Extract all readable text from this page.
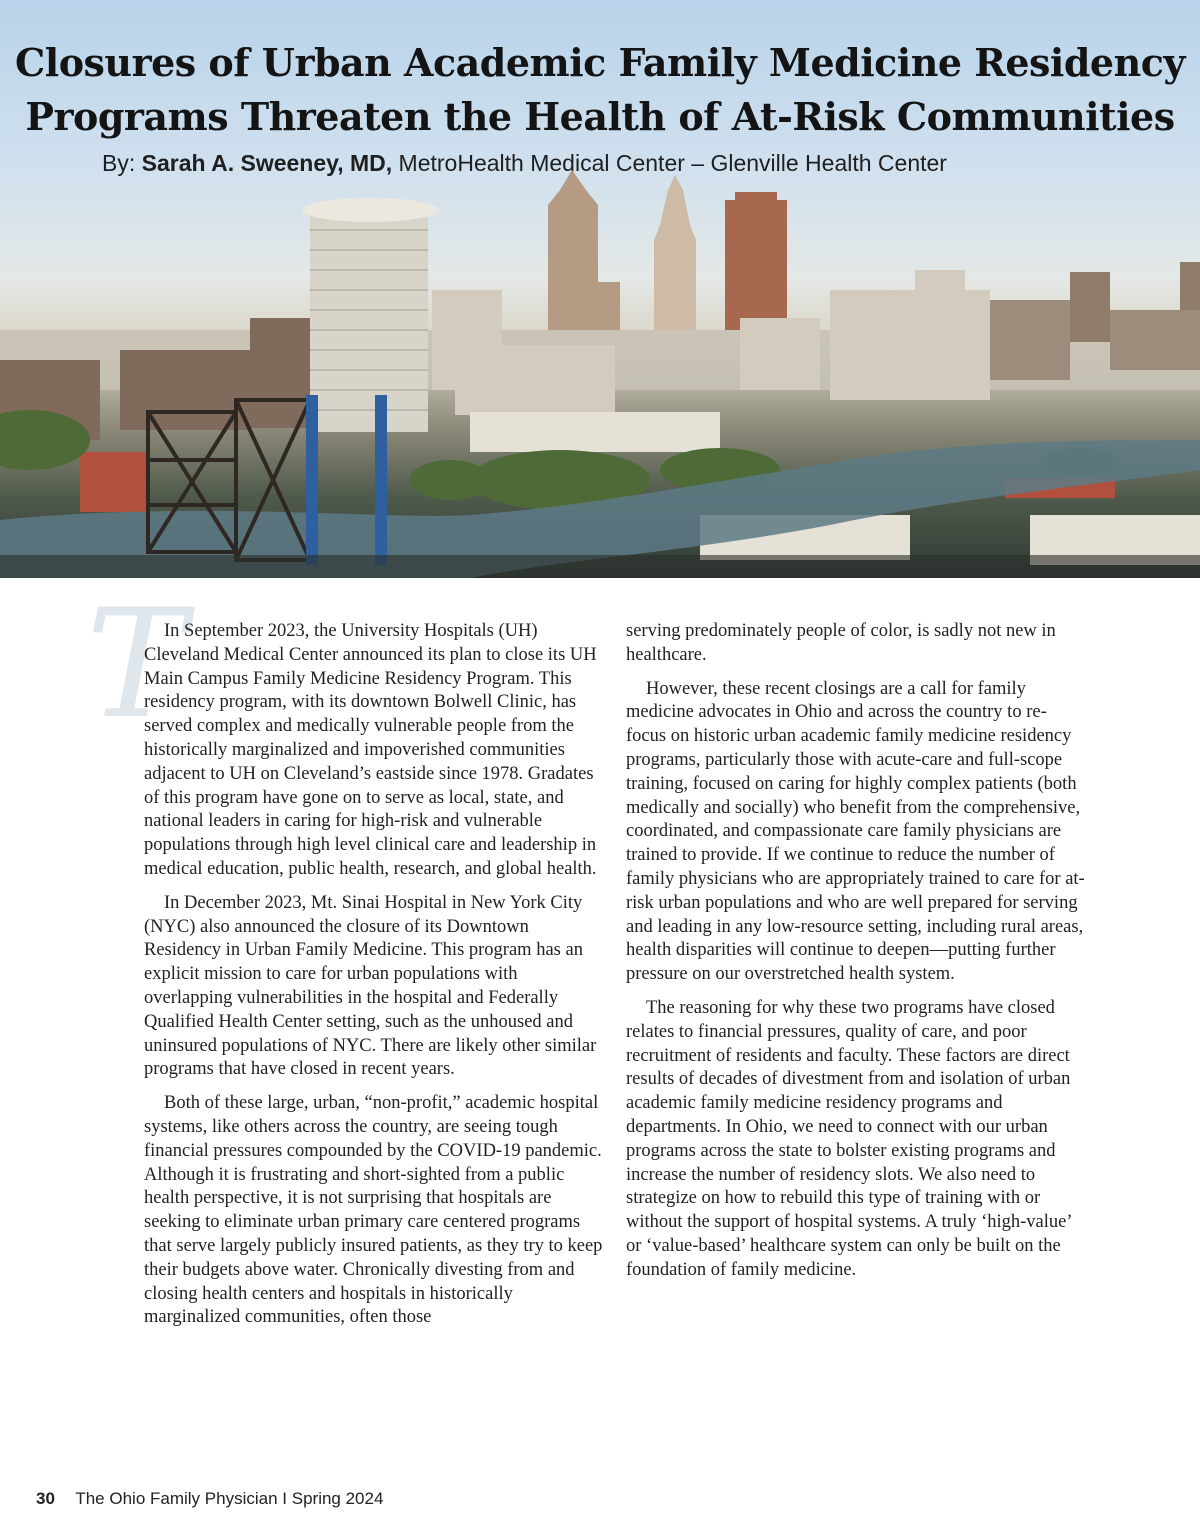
Closures of Urban Academic Family Medicine Residency
Programs Threaten the Health of At-Risk Communities

By: Sarah A. Sweeney, MD, MetroHealth Medical Center – Glenville Health Center

T

In September 2023, the University Hospitals (UH) Cleveland Medical Center announced its plan to close its UH Main Campus Family Medicine Residency Program. This residency program, with its downtown Bolwell Clinic, has served complex and medically vulnerable people from the historically marginalized and impoverished communities adjacent to UH on Cleveland’s eastside since 1978. Gradates of this program have gone on to serve as local, state, and national leaders in caring for high-risk and vulnerable populations through high level clinical care and leadership in medical education, public health, research, and global health.

In December 2023, Mt. Sinai Hospital in New York City (NYC) also announced the closure of its Downtown Residency in Urban Family Medicine. This program has an explicit mission to care for urban populations with overlapping vulnerabilities in the hospital and Federally Qualified Health Center setting, such as the unhoused and uninsured populations of NYC. There are likely other similar programs that have closed in recent years.

Both of these large, urban, “non-profit,” academic hospital systems, like others across the country, are seeing tough financial pressures compounded by the COVID-19 pandemic. Although it is frustrating and short-sighted from a public health perspective, it is not surprising that hospitals are seeking to eliminate urban primary care centered programs that serve largely publicly insured patients, as they try to keep their budgets above water. Chronically divesting from and closing health centers and hospitals in historically marginalized communities, often those

serving predominately people of color, is sadly not new in healthcare.

However, these recent closings are a call for family medicine advocates in Ohio and across the country to re-focus on historic urban academic family medicine residency programs, particularly those with acute-care and full-scope training, focused on caring for highly complex patients (both medically and socially) who benefit from the comprehensive, coordinated, and compassionate care family physicians are trained to provide. If we continue to reduce the number of family physicians who are appropriately trained to care for at-risk urban populations and who are well prepared for serving and leading in any low-resource setting, including rural areas, health disparities will continue to deepen—putting further pressure on our overstretched health system.

The reasoning for why these two programs have closed relates to financial pressures, quality of care, and poor recruitment of residents and faculty. These factors are direct results of decades of divestment from and isolation of urban academic family medicine residency programs and departments. In Ohio, we need to connect with our urban programs across the state to bolster existing programs and increase the number of residency slots. We also need to strategize on how to rebuild this type of training with or without the support of hospital systems. A truly ‘high-value’ or ‘value-based’ healthcare system can only be built on the foundation of family medicine.

30 The Ohio Family Physician I Spring 2024
